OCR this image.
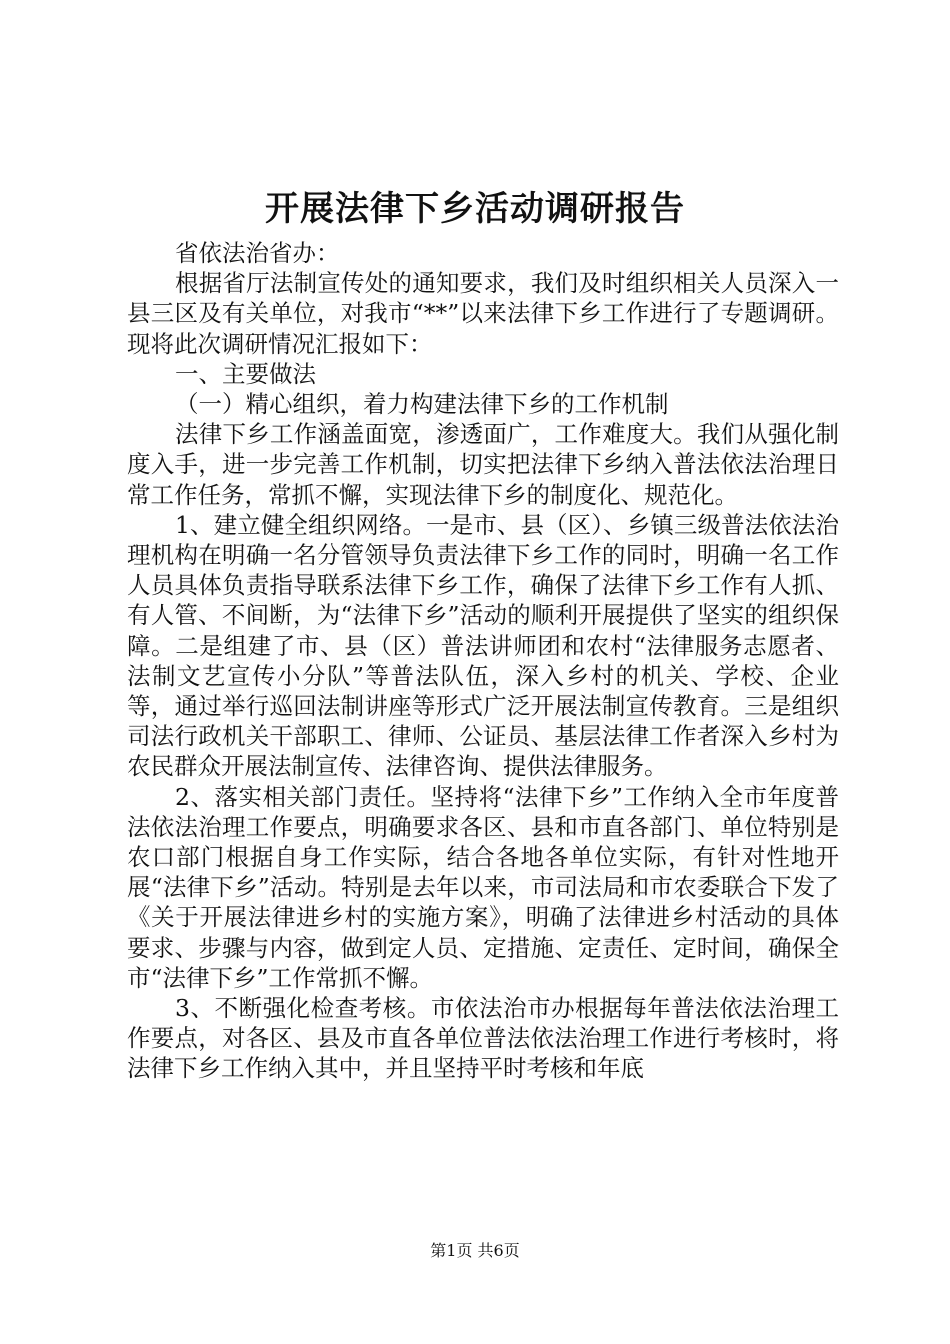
开展法律下乡活动调研报告

省依法治省办：

根据省厅法制宣传处的通知要求，我们及时组织相关人员深入一县三区及有关单位，对我市“**”以来法律下乡工作进行了专题调研。现将此次调研情况汇报如下：

一、主要做法

（一）精心组织，着力构建法律下乡的工作机制

法律下乡工作涵盖面宽，渗透面广，工作难度大。我们从强化制度入手，进一步完善工作机制，切实把法律下乡纳入普法依法治理日常工作任务，常抓不懈，实现法律下乡的制度化、规范化。

1、建立健全组织网络。一是市、县（区）、乡镇三级普法依法治理机构在明确一名分管领导负责法律下乡工作的同时，明确一名工作人员具体负责指导联系法律下乡工作，确保了法律下乡工作有人抓、有人管、不间断，为“法律下乡”活动的顺利开展提供了坚实的组织保障。二是组建了市、县（区）普法讲师团和农村“法律服务志愿者、法制文艺宣传小分队”等普法队伍，深入乡村的机关、学校、企业等，通过举行巡回法制讲座等形式广泛开展法制宣传教育。三是组织司法行政机关干部职工、律师、公证员、基层法律工作者深入乡村为农民群众开展法制宣传、法律咨询、提供法律服务。

2、落实相关部门责任。坚持将“法律下乡”工作纳入全市年度普法依法治理工作要点，明确要求各区、县和市直各部门、单位特别是农口部门根据自身工作实际，结合各地各单位实际，有针对性地开展“法律下乡”活动。特别是去年以来，市司法局和市农委联合下发了《关于开展法律进乡村的实施方案》，明确了法律进乡村活动的具体要求、步骤与内容，做到定人员、定措施、定责任、定时间，确保全市“法律下乡”工作常抓不懈。

3、不断强化检查考核。市依法治市办根据每年普法依法治理工作要点，对各区、县及市直各单位普法依法治理工作进行考核时，将法律下乡工作纳入其中，并且坚持平时考核和年底

第1页 共6页
